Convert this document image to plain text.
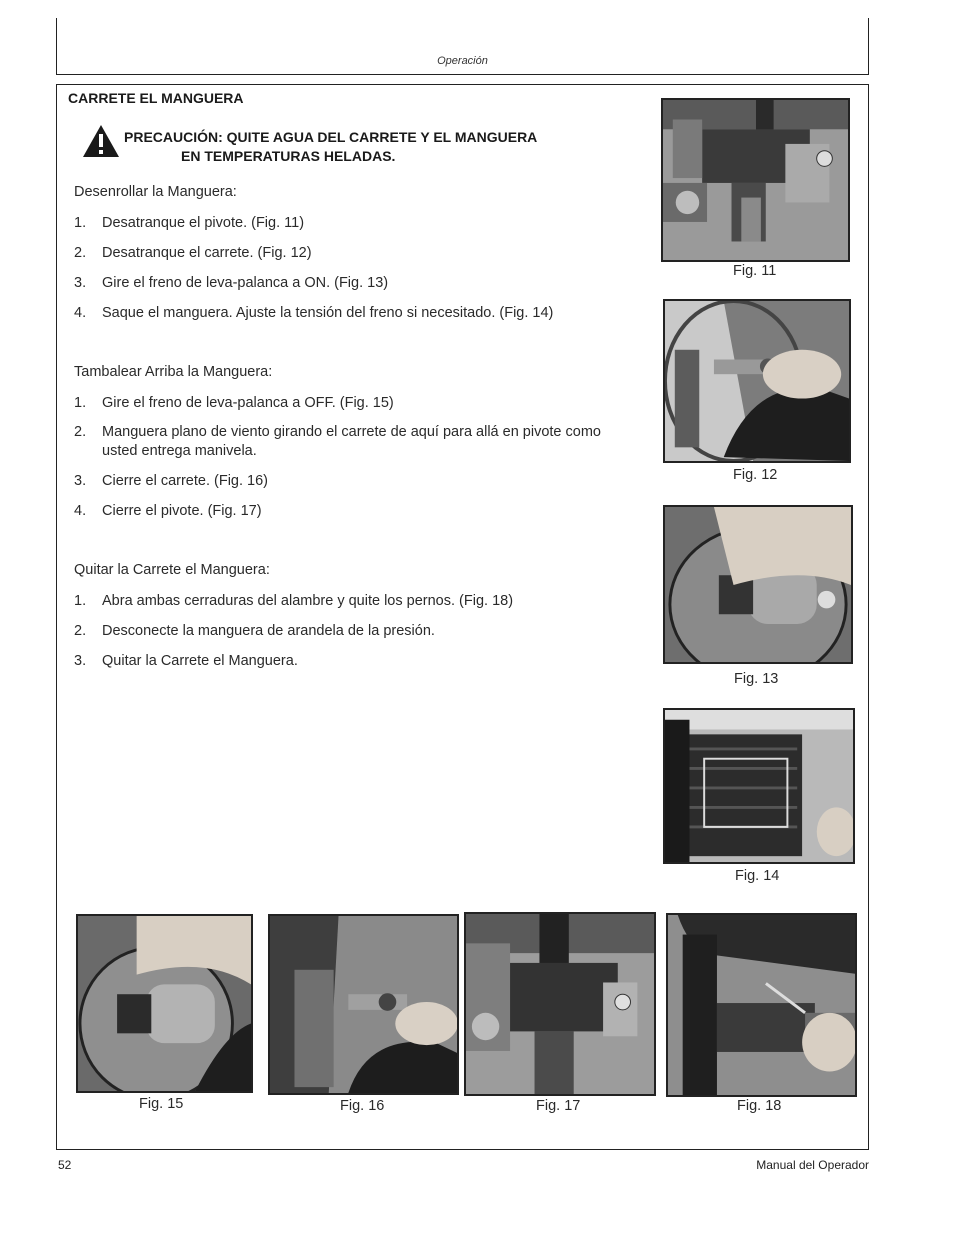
Operación
CARRETE EL MANGUERA
PRECAUCIÓN: QUITE AGUA DEL CARRETE Y EL MANGUERA
EN TEMPERATURAS HELADAS.
Desenrollar la Manguera:
1.	Desatranque el pivote. (Fig. 11)
2.	Desatranque el carrete. (Fig. 12)
3.	Gire el freno de leva-palanca a ON. (Fig. 13)
4.	Saque el manguera. Ajuste la tensión del freno si necesitado. (Fig. 14)
Tambalear Arriba la Manguera:
1.	Gire el freno de leva-palanca a OFF. (Fig. 15)
2.	Manguera plano de viento girando el carrete de aquí para allá en pivote como usted entrega manivela.
3.	Cierre el carrete. (Fig. 16)
4.	Cierre el pivote. (Fig. 17)
Quitar la Carrete el Manguera:
1.	Abra ambas cerraduras del alambre y quite los pernos. (Fig. 18)
2.	Desconecte la manguera de arandela de la presión.
3.	Quitar la Carrete el Manguera.
Fig. 11
Fig. 12
Fig. 13
Fig. 14
Fig. 15	Fig. 16	Fig. 17	Fig. 18
52	Manual del Operador
